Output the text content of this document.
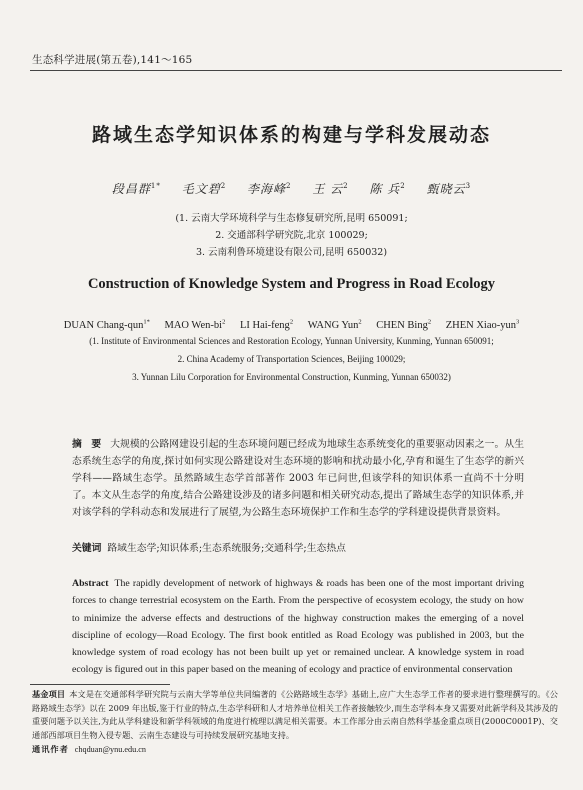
生态科学进展(第五卷),141～165
路域生态学知识体系的构建与学科发展动态
段昌群$^{1*}$ 毛文碧$^2$ 李海峰$^2$ 王 云$^2$ 陈 兵$^2$ 甄晓云$^3$
(1. 云南大学环境科学与生态修复研究所,昆明 650091;
2. 交通部科学研究院,北京 100029;
3. 云南利鲁环境建设有限公司,昆明 650032)
Construction of Knowledge System and Progress in Road Ecology
DUAN Chang-qun$^{1*}$ MAO Wen-$bi^2$ LI Hai-feng$^2$ WANG Yun$^2$ CHEN Bing$^2$ ZHEN Xiao-yun$^3$
(1. Institute of Environmental Sciences and Restoration Ecology, Yunnan University, Kunming, Yunnan 650091;
2. China Academy of Transportation Sciences, Beijing 100029;
3. Yunnan Lilu Corporation for Environmental Construction, Kunming, Yunnan 650032)
摘 要 大规模的公路网建设引起的生态环境问题已经成为地球生态系统变化的重要驱动因素之一。从生态系统生态学的角度,探讨如何实现公路建设对生态环境的影响和扰动最小化,孕育和诞生了生态学的新兴学科——路域生态学。虽然路域生态学首部著作 2003 年已问世,但该学科的知识体系一直尚不十分明了。本文从生态学的角度,结合公路建设涉及的诸多问题和相关研究动态,提出了路域生态学的知识体系,并对该学科的学科动态和发展进行了展望,为公路生态环境保护工作和生态学的学科建设提供背景资料。
关键词 路域生态学;知识体系;生态系统服务;交通科学;生态热点
Abstract The rapidly development of network of highways & roads has been one of the most important driving forces to change terrestrial ecosystem on the Earth. From the perspective of ecosystem ecology, the study on how to minimize the adverse effects and destructions of the highway construction makes the emerging of a novel discipline of ecology—Road Ecology. The first book entitled as Road Ecology was published in 2003, but the knowledge system of road ecology has not been built up yet or remained unclear. A knowledge system in road ecology is figured out in this paper based on the meaning of ecology and practice of environmental conservation
基金项目 本文是在交通部科学研究院与云南大学等单位共同编著的《公路路域生态学》基础上,应广大生态学工作者的要求进行整理撰写的。《公路路域生态学》以在 2009 年出版,鉴于行业的特点,生态学科研和人才培养单位相关工作者接触较少,而生态学科本身又需要对此新学科及其涉及的重要问题予以关注,为此从学科建设和新学科领域的角度进行梳理以满足相关需要。本工作部分由云南自然科学基金重点项目(2000C0001P)、交通部西部项目生物入侵专题、云南生态建设与可持续发展研究基地支持。
通讯作者 chqduan@ynu.edu.cn
